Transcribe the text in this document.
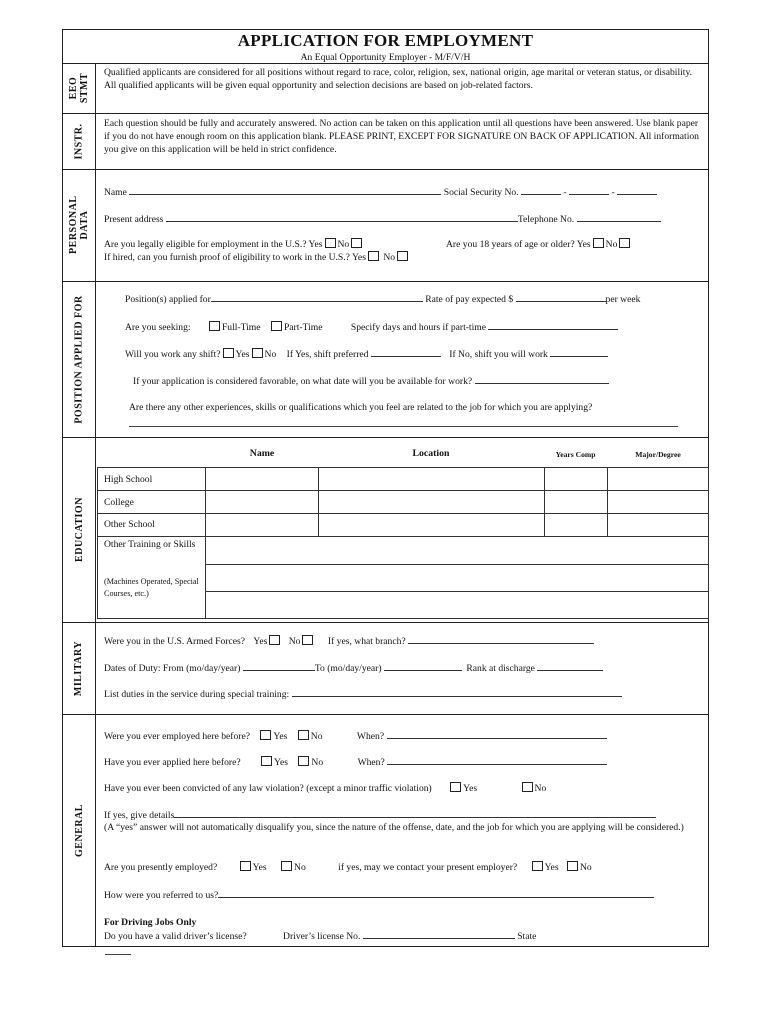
APPLICATION FOR EMPLOYMENT
An Equal Opportunity Employer - M/F/V/H
EEO STMT
INSTR.
PERSONAL DATA
POSITION APPLIED FOR
EDUCATION
MILITARY
GENERAL
Qualified applicants are considered for all positions without regard to race, color, religion, sex, national origin, age marital or veteran status, or disability. All qualified applicants will be given equal opportunity and selection decisions are based on job-related factors.
Each question should be fully and accurately answered. No action can be taken on this application until all questions have been answered. Use blank paper if you do not have enough room on this application blank. PLEASE PRINT, EXCEPT FOR SIGNATURE ON BACK OF APPLICATION. All information you give on this application will be held in strict confidence.
Name	Social Security No.	-	-
Present address	Telephone No.
Are you legally eligible for employment in the U.S.? Yes No	Are you 18 years of age or older? Yes No
If hired, can you furnish proof of eligibility to work in the U.S.? Yes No
Position(s) applied for	Rate of pay expected $	per week
Are you seeking:	Full-Time Part-Time	Specify days and hours if part-time
Will you work any shift? Yes No If Yes, shift preferred	If No, shift you will work
If your application is considered favorable, on what date will you be available for work?
Are there any other experiences, skills or qualifications which you feel are related to the job for which you are applying?
Name	Location	Years Comp	Major/Degree
High School
College
Other School
Other Training or Skills
(Machines Operated, Special Courses, etc.)
Were you in the U.S. Armed Forces? Yes No	If yes, what branch?
Dates of Duty: From (mo/day/year)	To (mo/day/year)	Rank at discharge
List duties in the service during special training:
Were you ever employed here before? Yes No	When?
Have you ever applied here before?	Yes No	When?
Have you ever been convicted of any law violation? (except a minor traffic violation)	Yes	No
If yes, give details
(A “yes” answer will not automatically disqualify you, since the nature of the offense, date, and the job for which you are applying will be considered.)
Are you presently employed?	Yes	No	if yes, may we contact your present employer?	Yes No
How were you referred to us?
For Driving Jobs Only
Do you have a valid driver’s license?	Driver’s license No.	State
